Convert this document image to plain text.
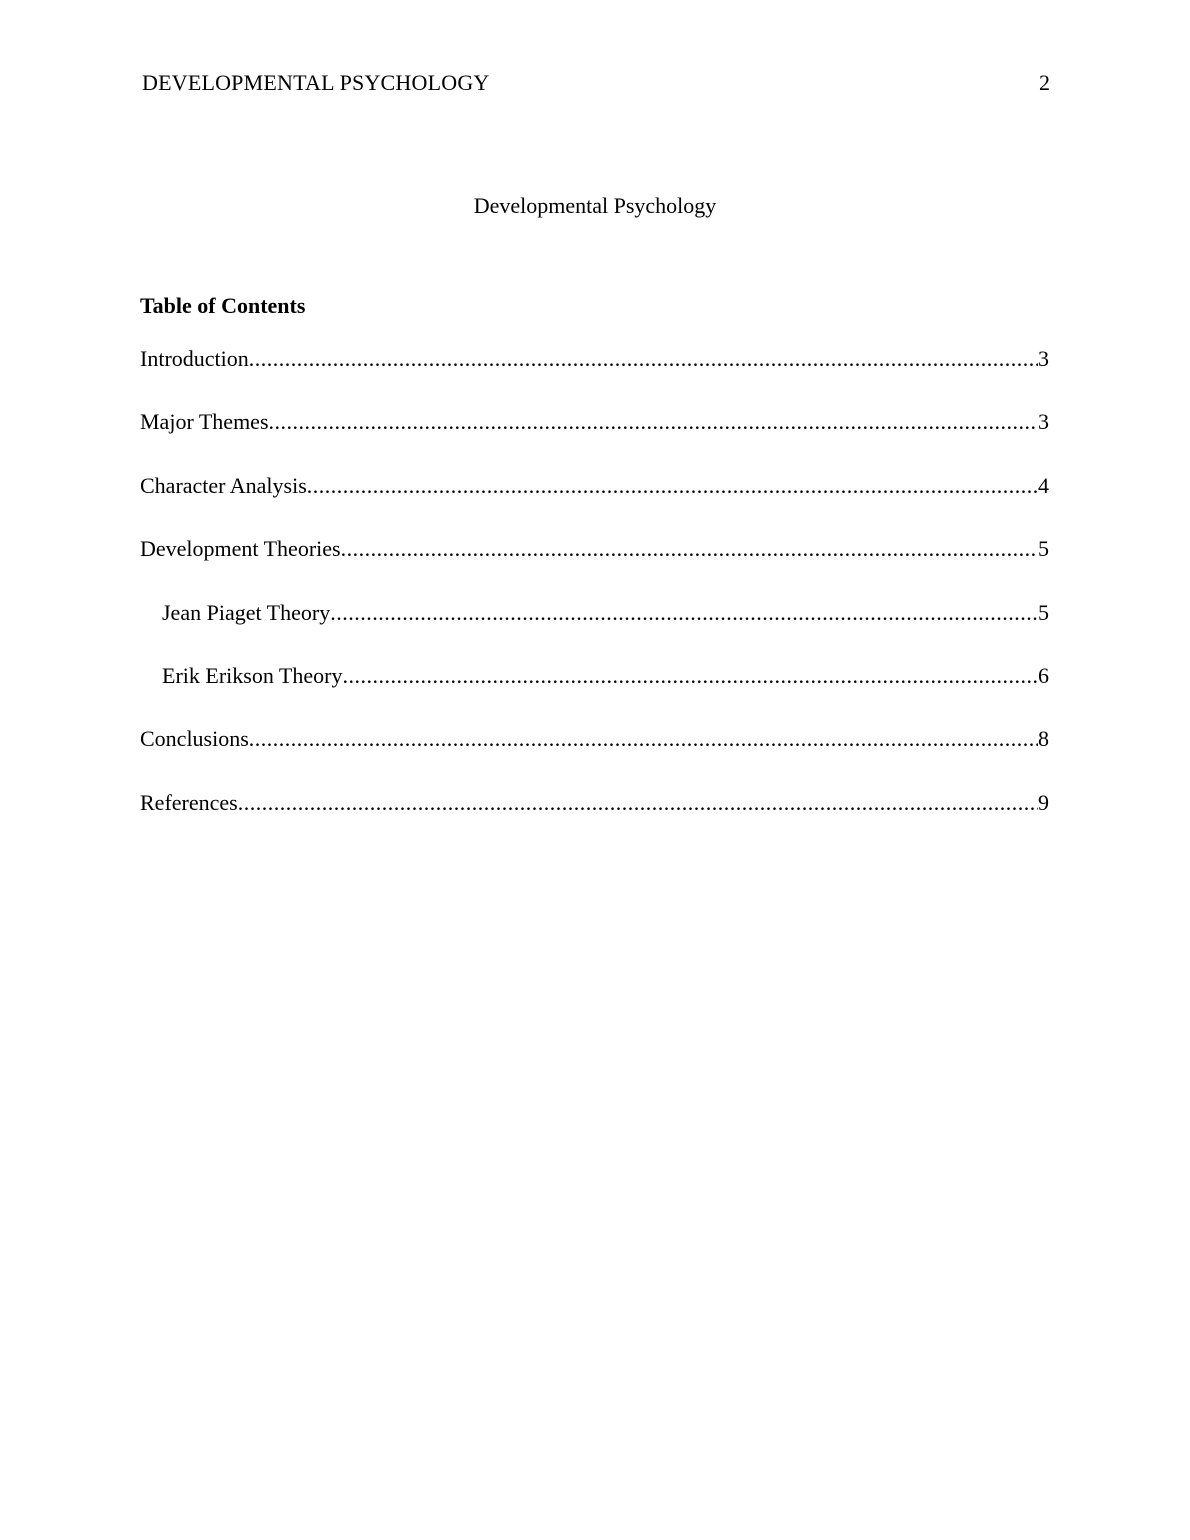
DEVELOPMENTAL PSYCHOLOGY	2
Developmental Psychology
Table of Contents
Introduction .....	3
Major Themes .....	3
Character Analysis .....	4
Development Theories .....	5
Jean Piaget Theory .....	5
Erik Erikson Theory .....	6
Conclusions .....	8
References .....	9
